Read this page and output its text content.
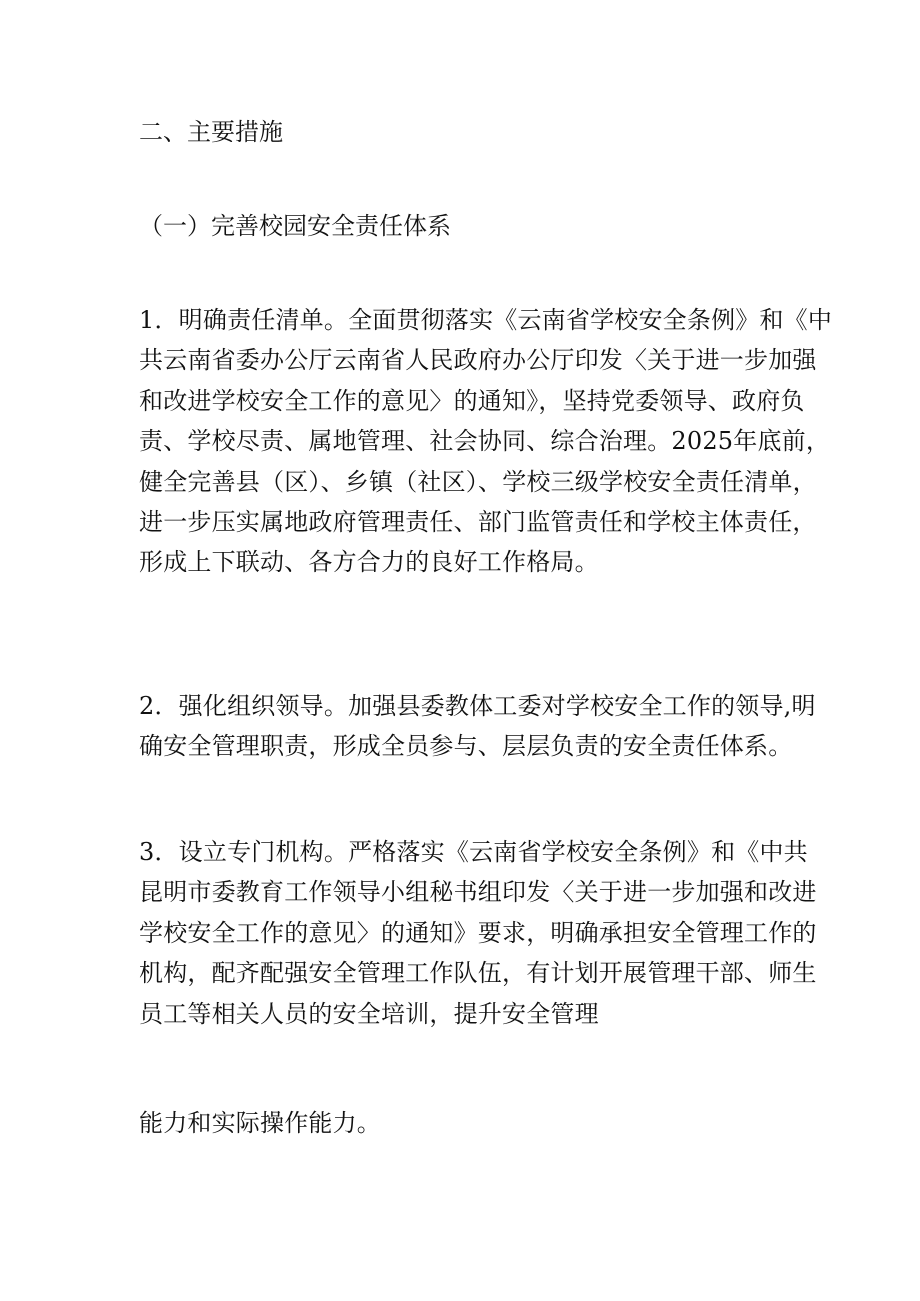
二、主要措施
（一）完善校园安全责任体系
1．明确责任清单。全面贯彻落实《云南省学校安全条例》和《中
共云南省委办公厅云南省人民政府办公厅印发〈关于进一步加强
和改进学校安全工作的意见〉的通知》，坚持党委领导、政府负
责、学校尽责、属地管理、社会协同、综合治理。2025年底前，
健全完善县（区）、乡镇（社区）、学校三级学校安全责任清单，
进一步压实属地政府管理责任、部门监管责任和学校主体责任，
形成上下联动、各方合力的良好工作格局。
2．强化组织领导。加强县委教体工委对学校安全工作的领导,明
确安全管理职责，形成全员参与、层层负责的安全责任体系。
3．设立专门机构。严格落实《云南省学校安全条例》和《中共
昆明市委教育工作领导小组秘书组印发〈关于进一步加强和改进
学校安全工作的意见〉的通知》要求，明确承担安全管理工作的
机构，配齐配强安全管理工作队伍，有计划开展管理干部、师生
员工等相关人员的安全培训，提升安全管理
能力和实际操作能力。
